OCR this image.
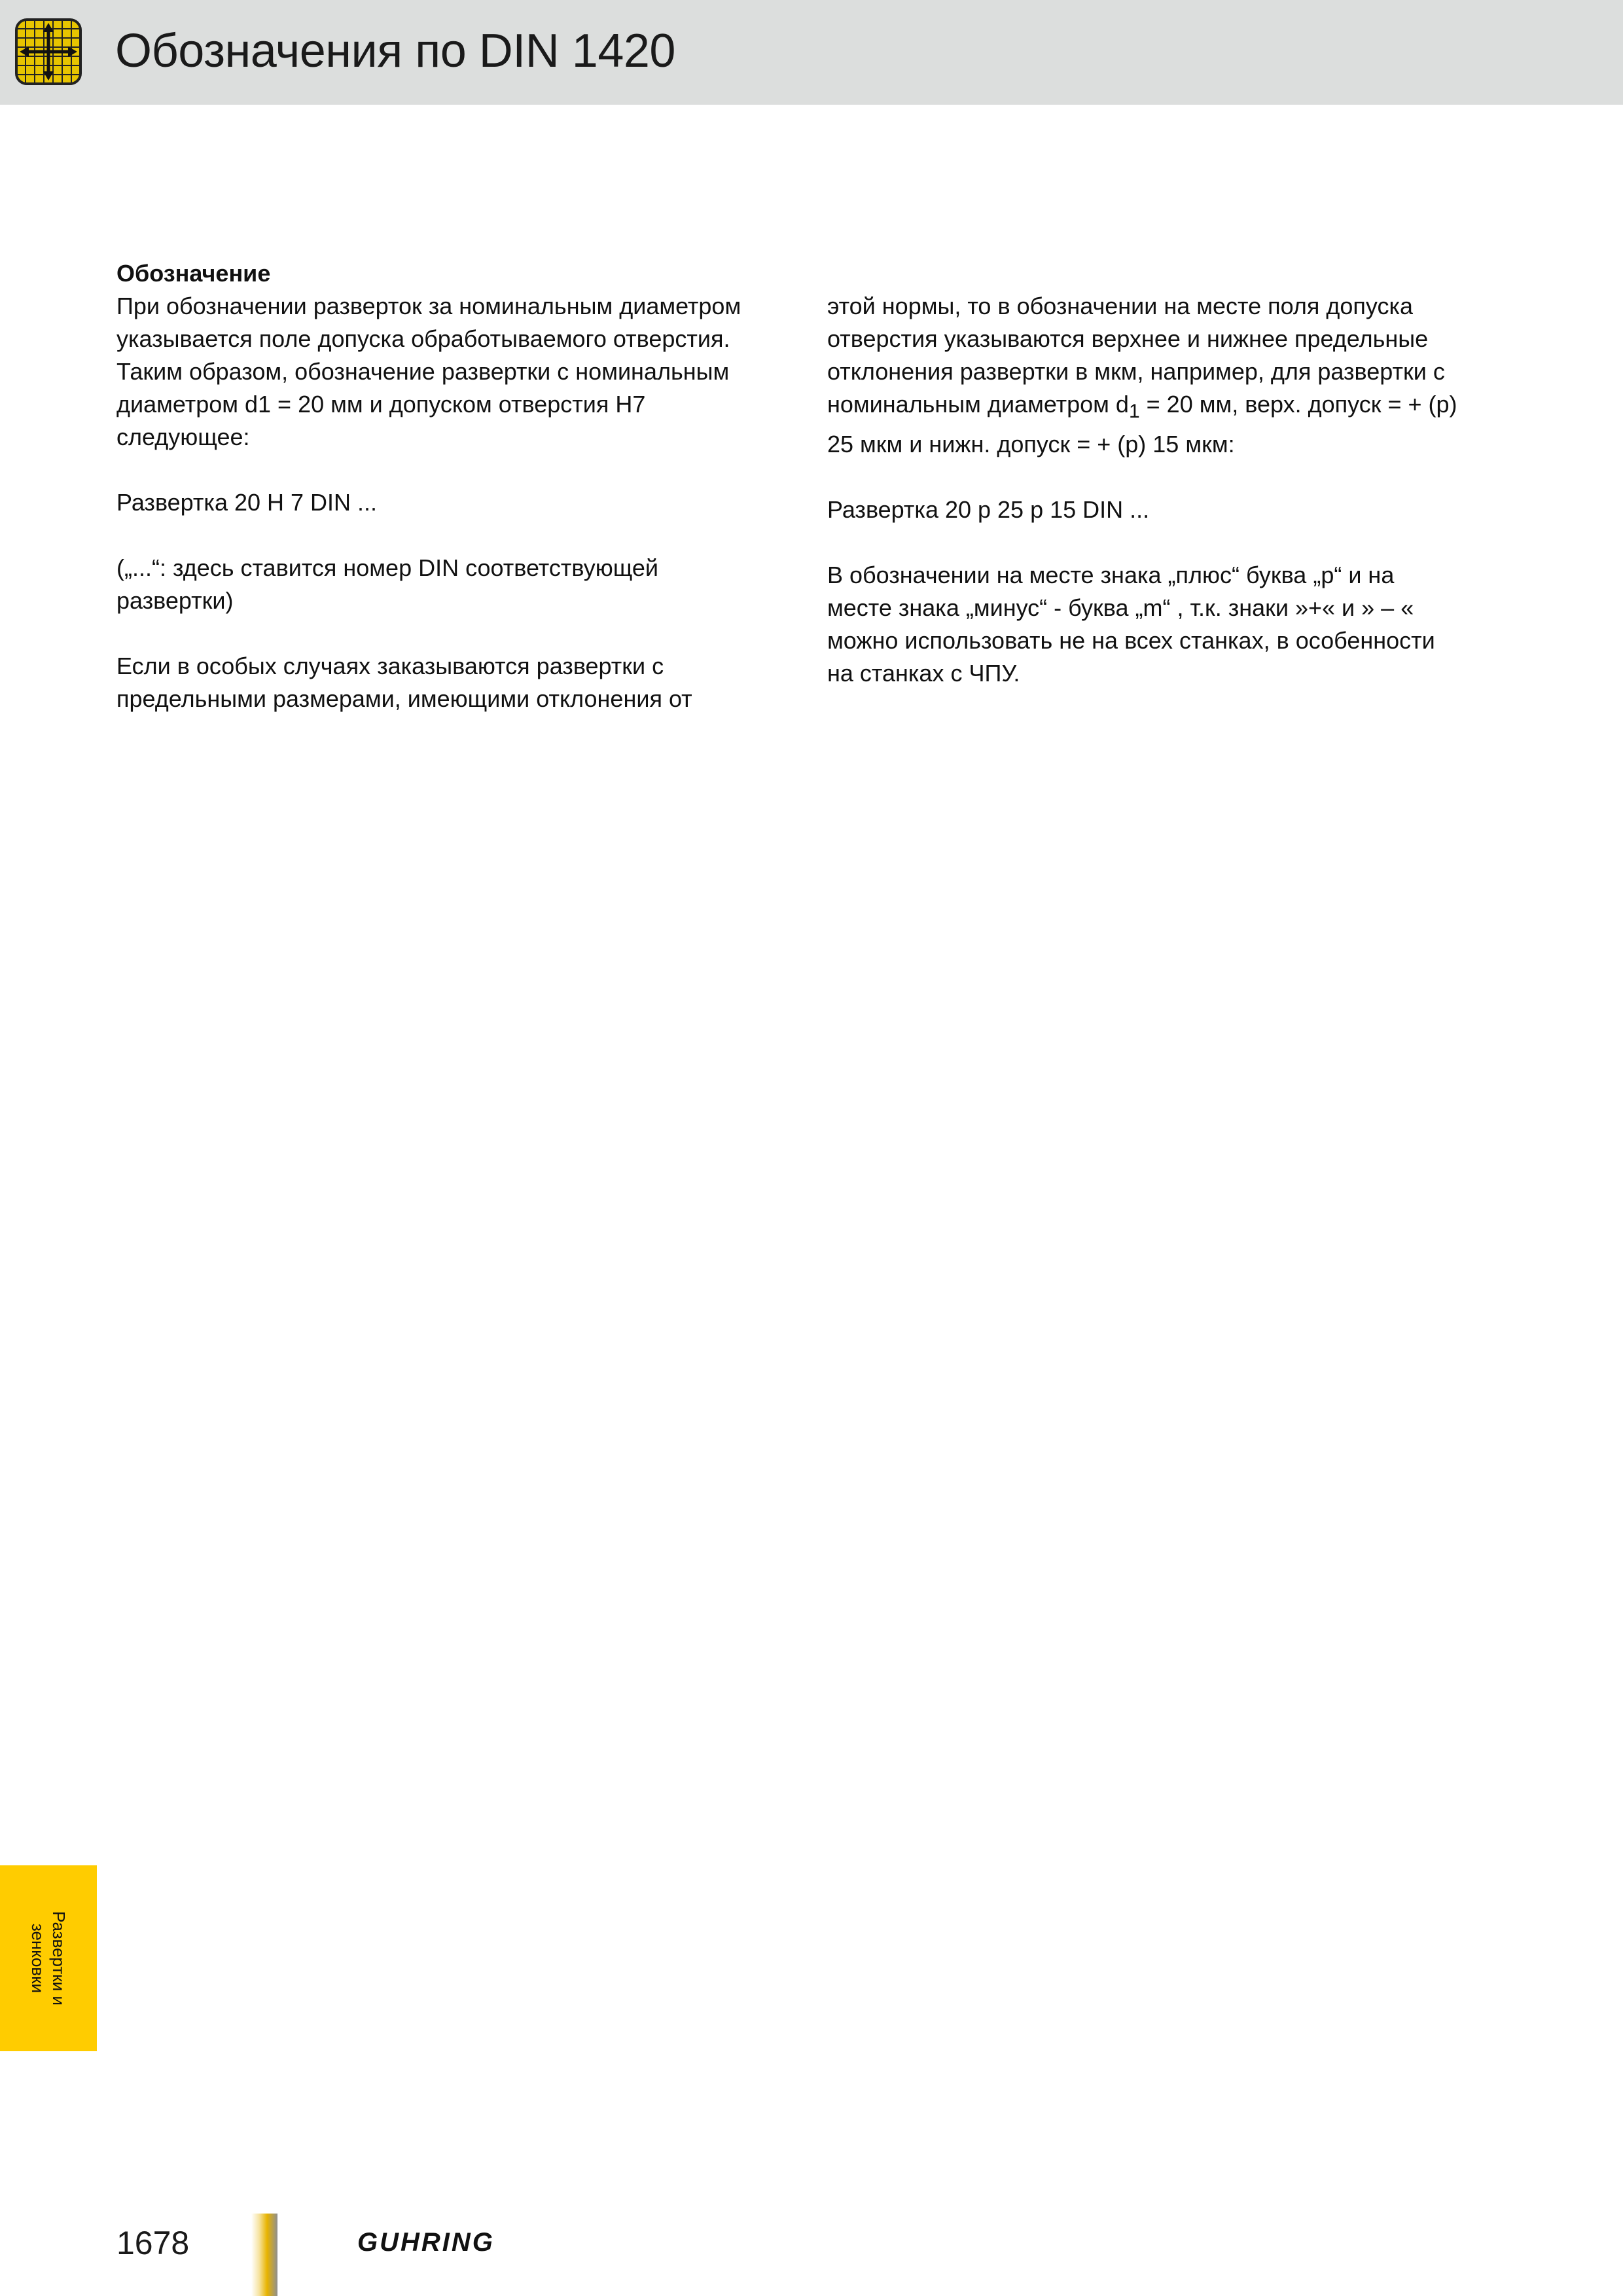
Обозначения по DIN 1420

Обозначение
При обозначении разверток за номинальным диаметром
указывается поле допуска обработываемого отверстия.
Таким образом, обозначение развертки с номинальным
диаметром d1 = 20 мм и допуском отверстия H7
следующее:

Развертка 20 H 7 DIN ...

(„...“: здесь ставится номер DIN соответствующей
развертки)

Если в особых случаях заказываются развертки с
предельными размерами, имеющими отклонения от

этой нормы, то в обозначении на месте поля допуска
отверстия указываются верхнее и нижнее предельные
отклонения развертки в мкм, например, для развертки с
номинальным диаметром $d_1 = 20$ мм, верх. допуск = + (p)
25 мкм и нижн. допуск = + (p) 15 мкм:

Развертка 20 p 25 p 15 DIN ...

В обозначении на месте знака „плюс“ буква „p“ и на
месте знака „минус“ - буква „m“ , т.к. знаки »+« и » – «
можно использовать не на всех станках, в особенности
на станках с ЧПУ.

Развертки и
зенковки
1678	GUHRING
